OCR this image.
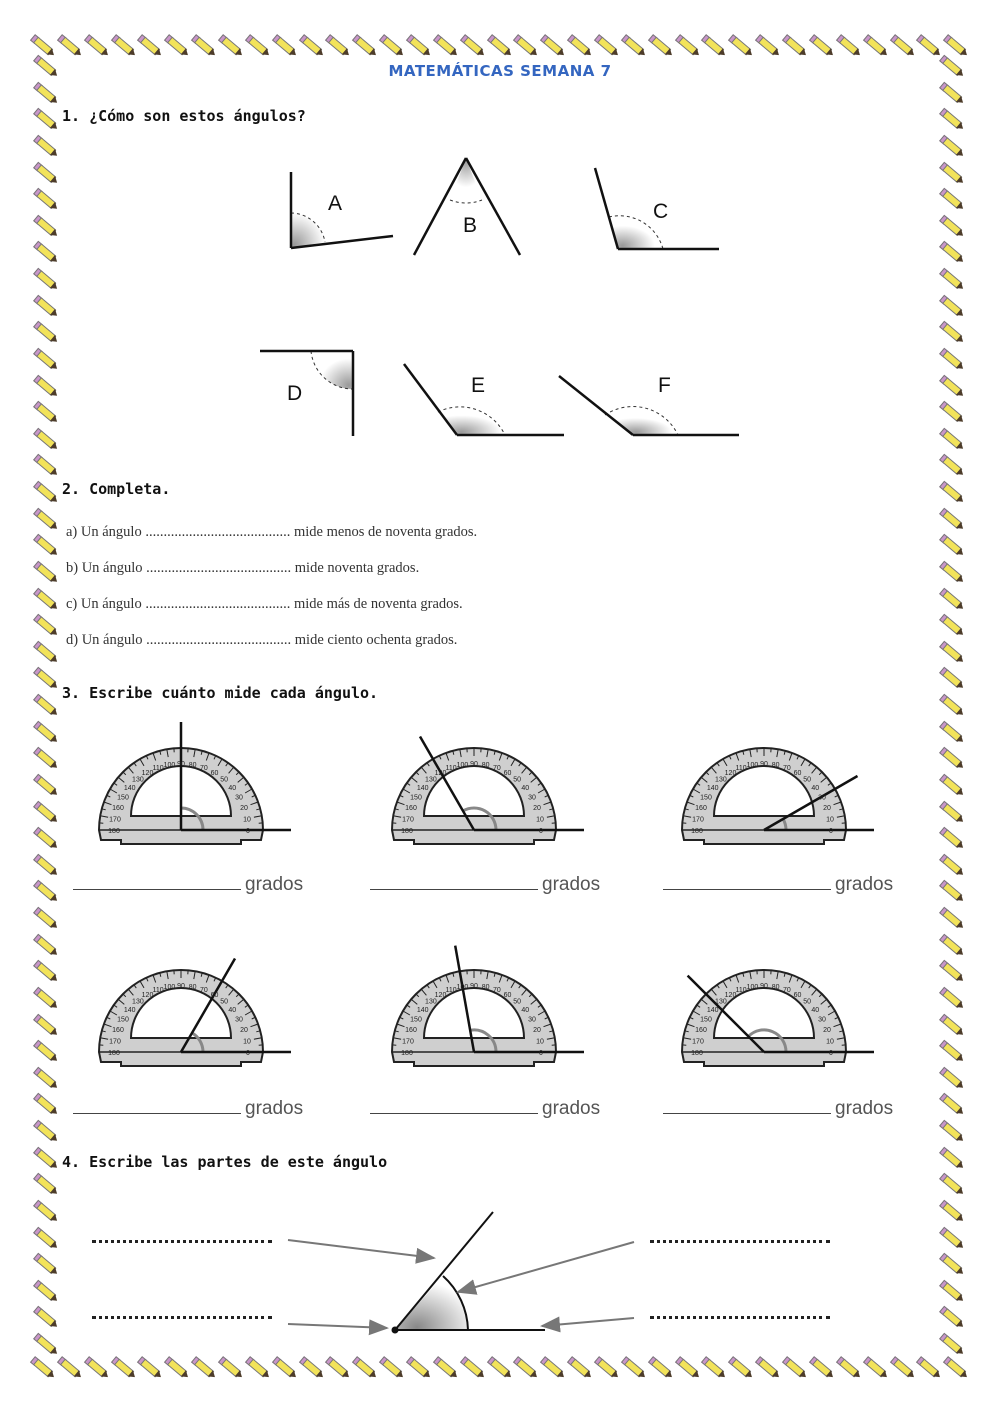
MATEMÁTICAS SEMANA 7
1. ¿Cómo son estos ángulos?
A
B
C
D	E	F
2. Completa.
a) Un ángulo ........................................ mide menos de noventa grados.
b) Un ángulo ........................................ mide noventa grados.
c) Un ángulo ........................................ mide más de noventa grados.
d) Un ángulo ........................................ mide ciento ochenta grados.
3. Escribe cuánto mide cada ángulo.
0
10
20
30
40
50
60
70
80
90
100
110
120
130
140
150
160
170
180	0
10
20
30
40
50
60
70
80
90
100
110
120
130
140
150
160
170
180	0
10
20
30
40
50
60
70
80
90
100
110
120
130
140
150
160
170
180
0
10
20
30
40
50
60
70
80
90
100
110
120
130
140
150
160
170
180	0
10
20
30
40
50
60
70
80
90
100
110
120
130
140
150
160
170
180	0
10
20
30
40
50
60
70
80
90
100
110
120
130
140
150
160
170
180
grados	grados	grados
grados	grados	grados
4. Escribe las partes de este ángulo
